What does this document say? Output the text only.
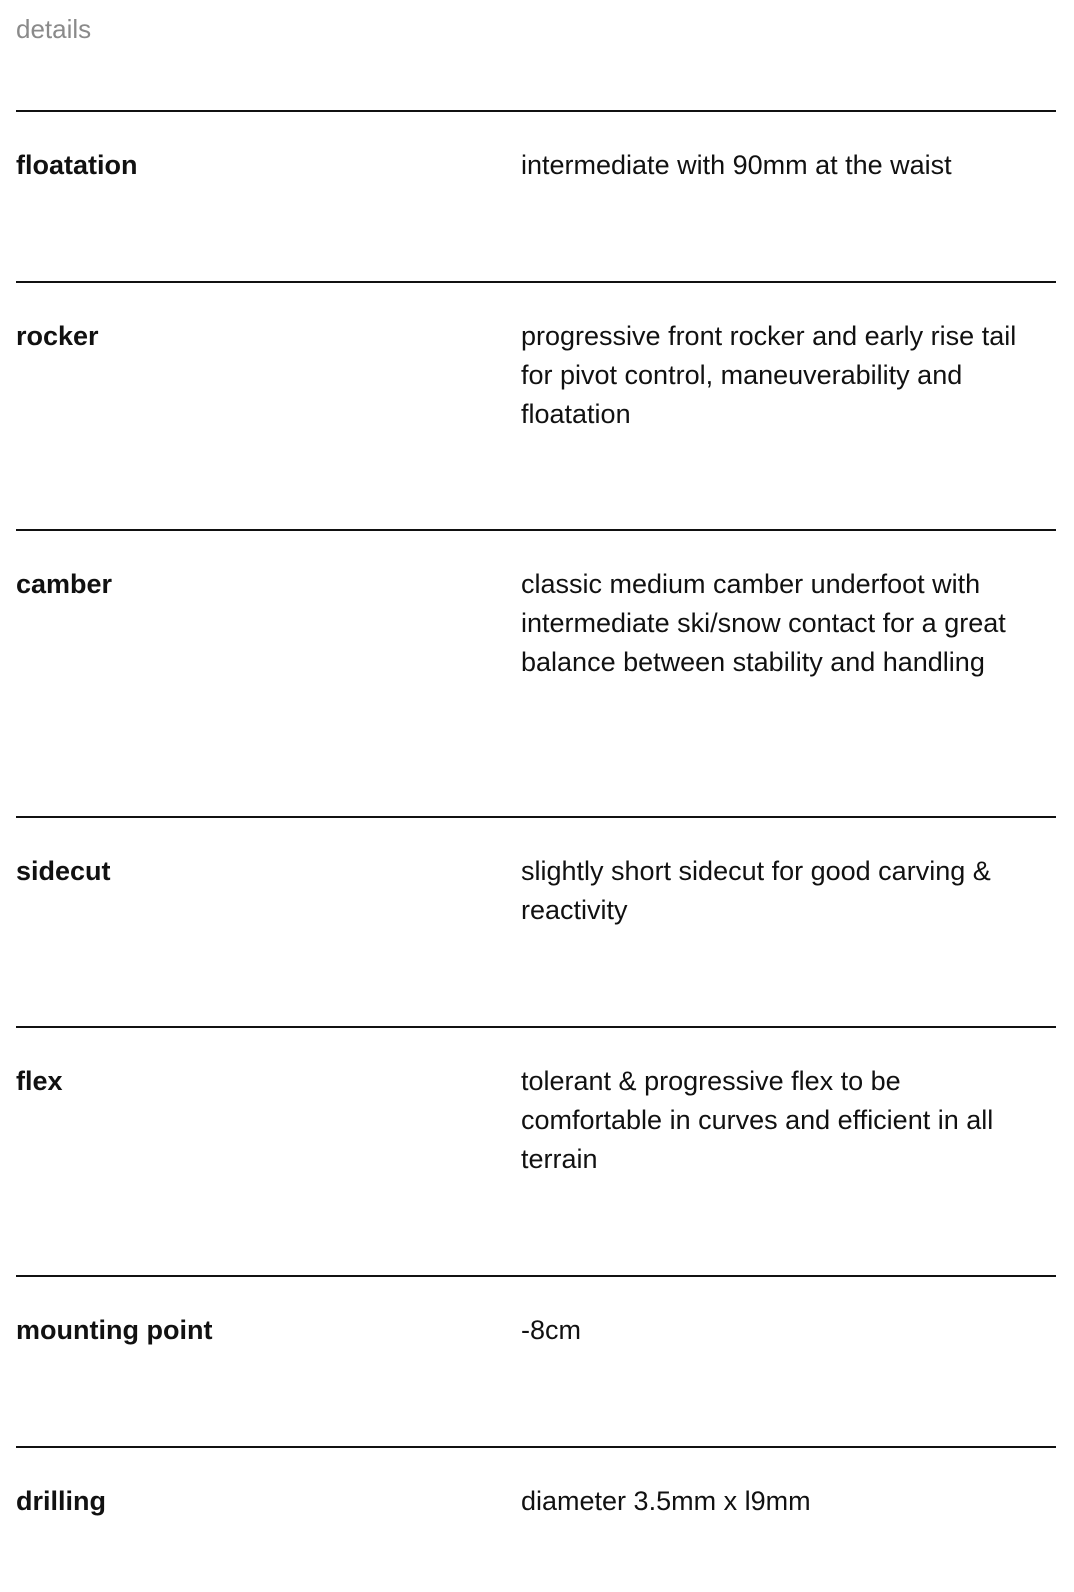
details
floatation	intermediate with 90mm at the waist
rocker	progressive front rocker and early rise tail for pivot control, maneuverability and floatation
camber	classic medium camber underfoot with intermediate ski/snow contact for a great balance between stability and handling
sidecut	slightly short sidecut for good carving & reactivity
flex	tolerant & progressive flex to be comfortable in curves and efficient in all terrain
mounting point	-8cm
drilling	diameter 3.5mm x l9mm
